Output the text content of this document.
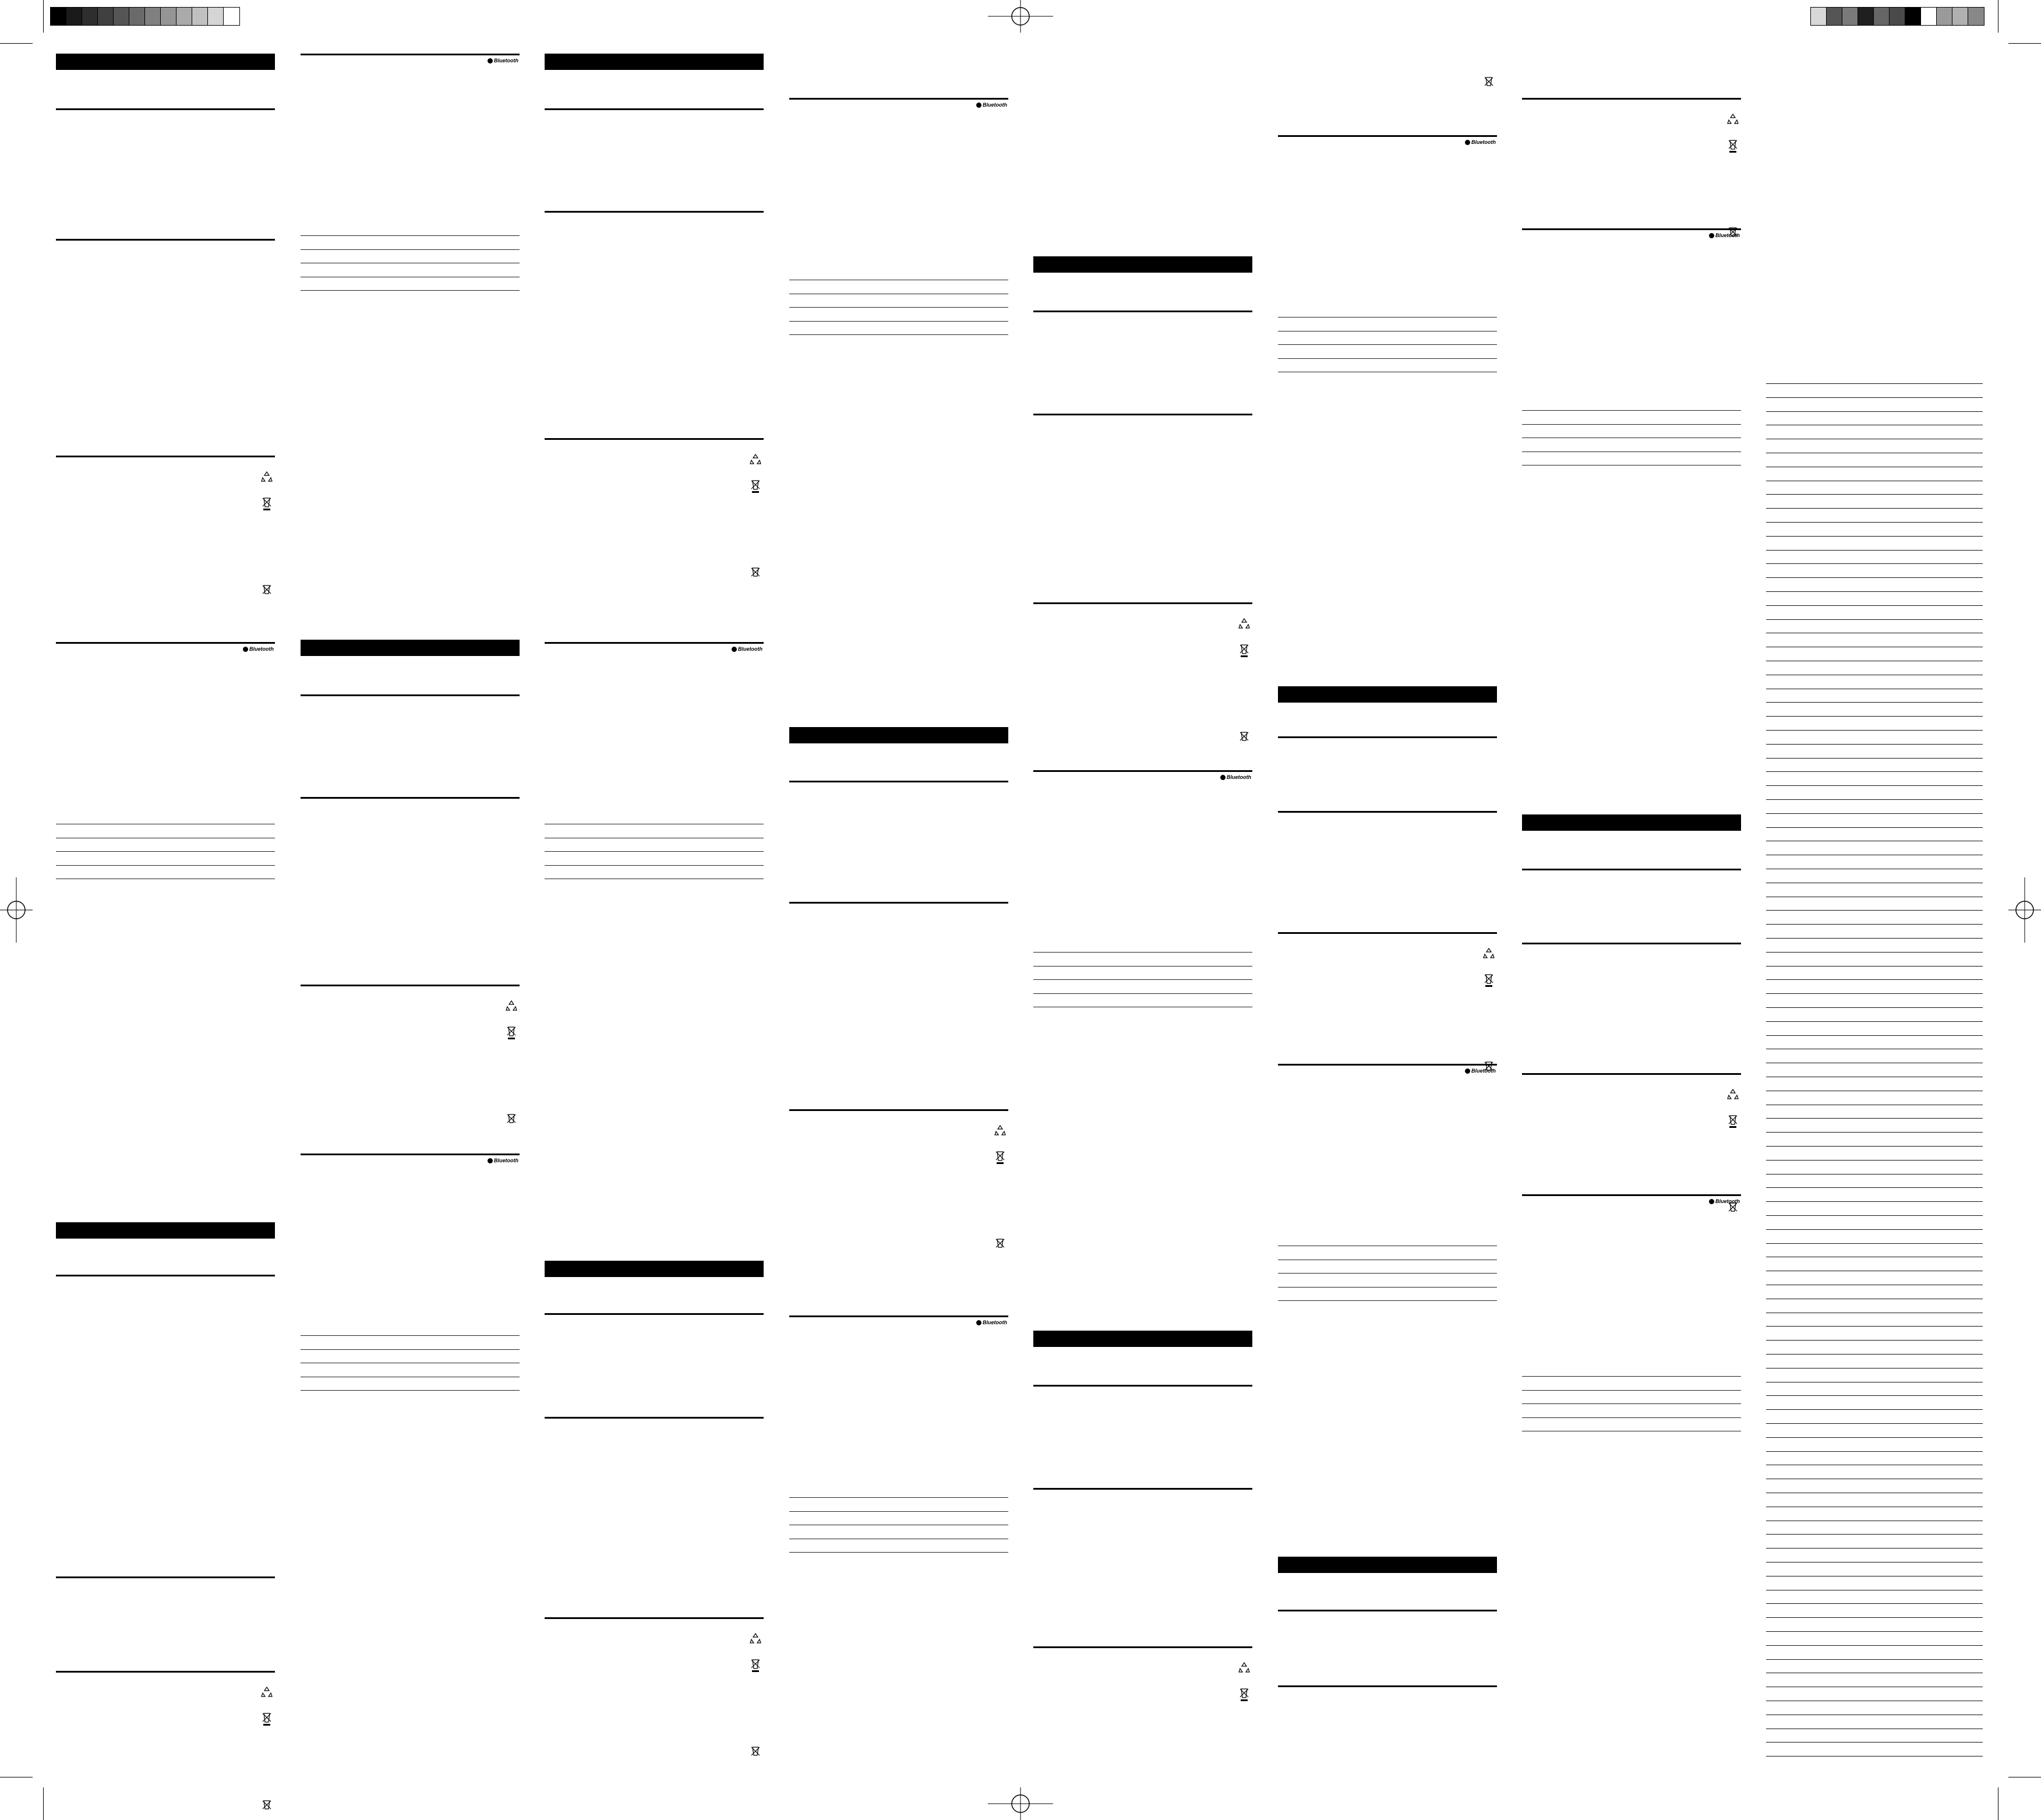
Bluetooth
Bluetooth
Bluetooth
Bluetooth
Bluetooth
Bluetooth
Bluetooth
Bluetooth
Bluetooth
Bluetooth
Bluetooth
